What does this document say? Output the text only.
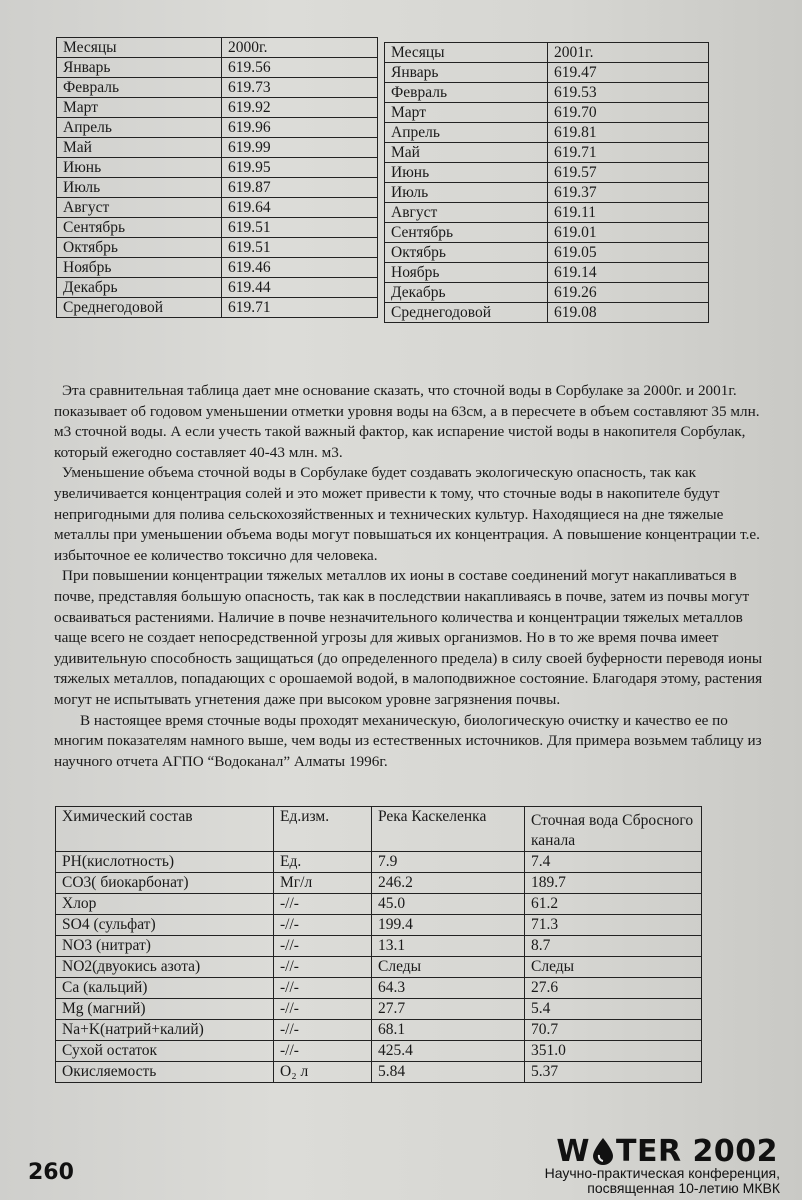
Месяцы	2000г.
Январь	619.56
Февраль	619.73
Март	619.92
Апрель	619.96
Май	619.99
Июнь	619.95
Июль	619.87
Август	619.64
Сентябрь	619.51
Октябрь	619.51
Ноябрь	619.46
Декабрь	619.44
Среднегодовой	619.71
Месяцы	2001г.
Январь	619.47
Февраль	619.53
Март	619.70
Апрель	619.81
Май	619.71
Июнь	619.57
Июль	619.37
Август	619.11
Сентябрь	619.01
Октябрь	619.05
Ноябрь	619.14
Декабрь	619.26
Среднегодовой	619.08

Эта сравнительная таблица дает мне основание сказать, что сточной воды в Сорбулаке за 2000г. и 2001г. показывает об годовом уменьшении отметки уровня воды на 63см, а в пересчете в объем составляют 35 млн. м3 сточной воды. А если учесть такой важный фактор, как испарение чистой воды в накопителя Сорбулак, который ежегодно составляет 40-43 млн. м3.

Уменьшение объема сточной воды в Сорбулаке будет создавать экологическую опасность, так как увеличивается концентрация солей и это может привести к тому, что сточные воды в накопителе будут непригодными для полива сельскохозяйственных и технических культур. Находящиеся на дне тяжелые металлы при уменьшении объема воды могут повышаться их концентрация. А повышение концентрации т.е. избыточное ее количество токсично для человека.

При повышении концентрации тяжелых металлов их ионы в составе соединений могут накапливаться в почве, представляя большую опасность, так как в последствии накапливаясь в почве, затем из почвы могут осваиваться растениями. Наличие в почве незначительного количества и концентрации тяжелых металлов чаще всего не создает непосредственной угрозы для живых организмов. Но в то же время почва имеет удивительную способность защищаться (до определенного предела) в силу своей буферности переводя ионы тяжелых металлов, попадающих с орошаемой водой, в малоподвижное состояние. Благодаря этому, растения могут не испытывать угнетения даже при высоком уровне загрязнения почвы.

В настоящее время сточные воды проходят механическую, биологическую очистку и качество ее по многим показателям намного выше, чем воды из естественных источников. Для примера возьмем таблицу из научного отчета АГПО “Водоканал” Алматы 1996г.

Химический состав	Ед.изм.	Река Каскеленка	Сточная вода Сбросного канала
PH(кислотность)	Ед.	7.9	7.4
CO3( биокарбонат)	Мг/л	246.2	189.7
Хлор	-//-	45.0	61.2
SO4 (сульфат)	-//-	199.4	71.3
NO3 (нитрат)	-//-	13.1	8.7
NO2(двуокись азота)	-//-	Следы	Следы
Ca (кальций)	-//-	64.3	27.6
Mg (магний)	-//-	27.7	5.4
Na+K(натрий+калий)	-//-	68.1	70.7
Сухой остаток	-//-	425.4	351.0
Окисляемость	O₂ л	5.84	5.37
260
W TER 2002
Научно-практическая конференция,
посвященная 10-летию МКВК
